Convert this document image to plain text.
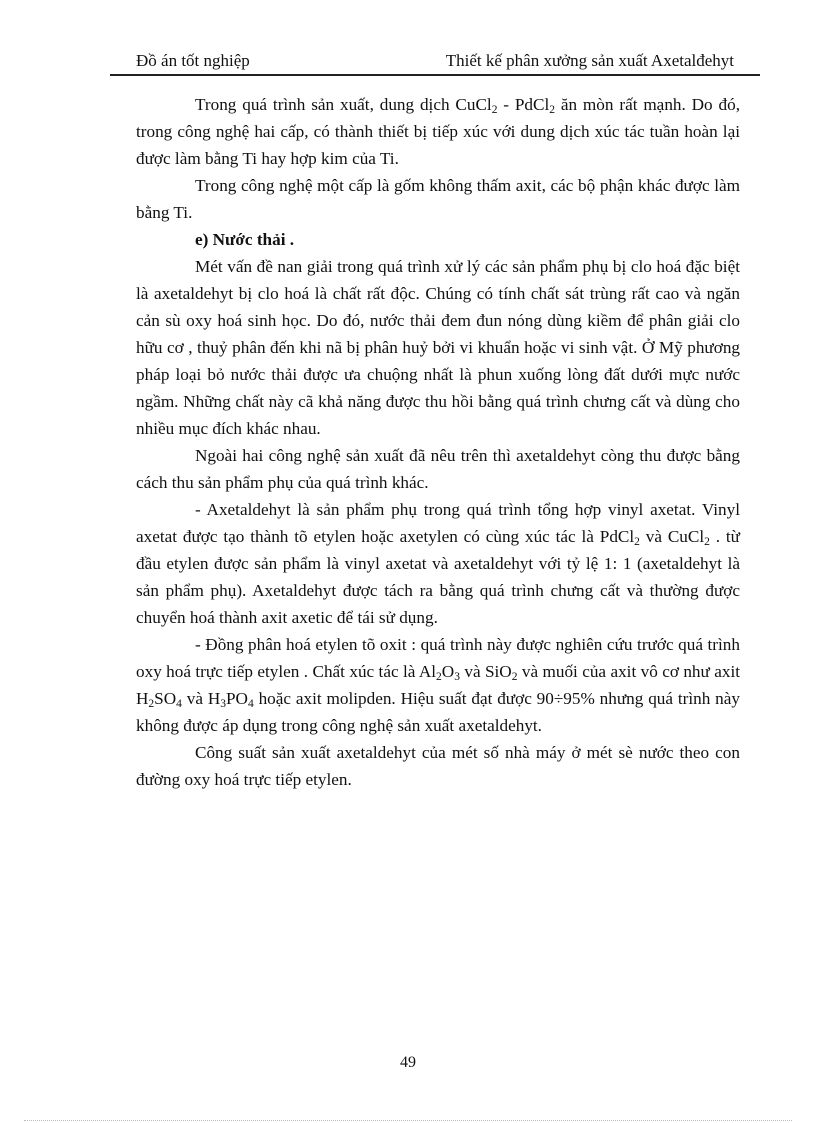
Đồ án tốt nghiệp	Thiết kế phân xưởng sản xuất Axetalđehyt

Trong quá trình sản xuất, dung dịch CuCl$_2$ - PdCl$_2$ ăn mòn rất mạnh. Do đó, trong công nghệ hai cấp, có thành thiết bị tiếp xúc với dung dịch xúc tác tuần hoàn lại được làm bằng Ti hay hợp kim của Ti.

Trong công nghệ một cấp là gốm không thấm axit, các bộ phận khác được làm bằng Ti.

e) Nước thải .

Mét vấn đề nan giải trong quá trình xử lý các sản phẩm phụ bị clo hoá đặc biệt là axetaldehyt bị clo hoá là chất rất độc. Chúng có tính chất sát trùng rất cao và ngăn cản sù oxy hoá sinh học. Do đó, nước thải đem đun nóng dùng kiềm để phân giải clo hữu cơ , thuỷ phân đến khi nã bị phân huỷ bởi vi khuẩn hoặc vi sinh vật. Ở Mỹ phương pháp loại bỏ nước thải được ưa chuộng nhất là phun xuống lòng đất dưới mực nước ngầm. Những chất này cã khả năng được thu hồi bằng quá trình chưng cất và dùng cho nhiều mục đích khác nhau.

Ngoài hai công nghệ sản xuất đã nêu trên thì axetaldehyt còng thu được bằng cách thu sản phẩm phụ của quá trình khác.

- Axetaldehyt là sản phẩm phụ trong quá trình tổng hợp vinyl axetat. Vinyl axetat được tạo thành tõ etylen hoặc axetylen có cùng xúc tác là PdCl$_2$ và CuCl$_2$ . từ đầu etylen được sản phẩm là vinyl axetat và axetaldehyt với tỷ lệ 1: 1 (axetaldehyt là sản phẩm phụ). Axetaldehyt được tách ra bằng quá trình chưng cất và thường được chuyển hoá thành axit axetic để tái sử dụng.

- Đồng phân hoá etylen tõ oxit : quá trình này được nghiên cứu trước quá trình oxy hoá trực tiếp etylen . Chất xúc tác là $Al_2O_3$ và SiO$_2$ và muối của axit vô cơ như axit $H_2SO_4$ và $H_3PO_4$ hoặc axit molipden. Hiệu suất đạt được 90÷95% nhưng quá trình này không được áp dụng trong công nghệ sản xuất axetaldehyt.

Công suất sản xuất axetaldehyt của mét số nhà máy ở mét sè nước theo con đường oxy hoá trực tiếp etylen.

49
